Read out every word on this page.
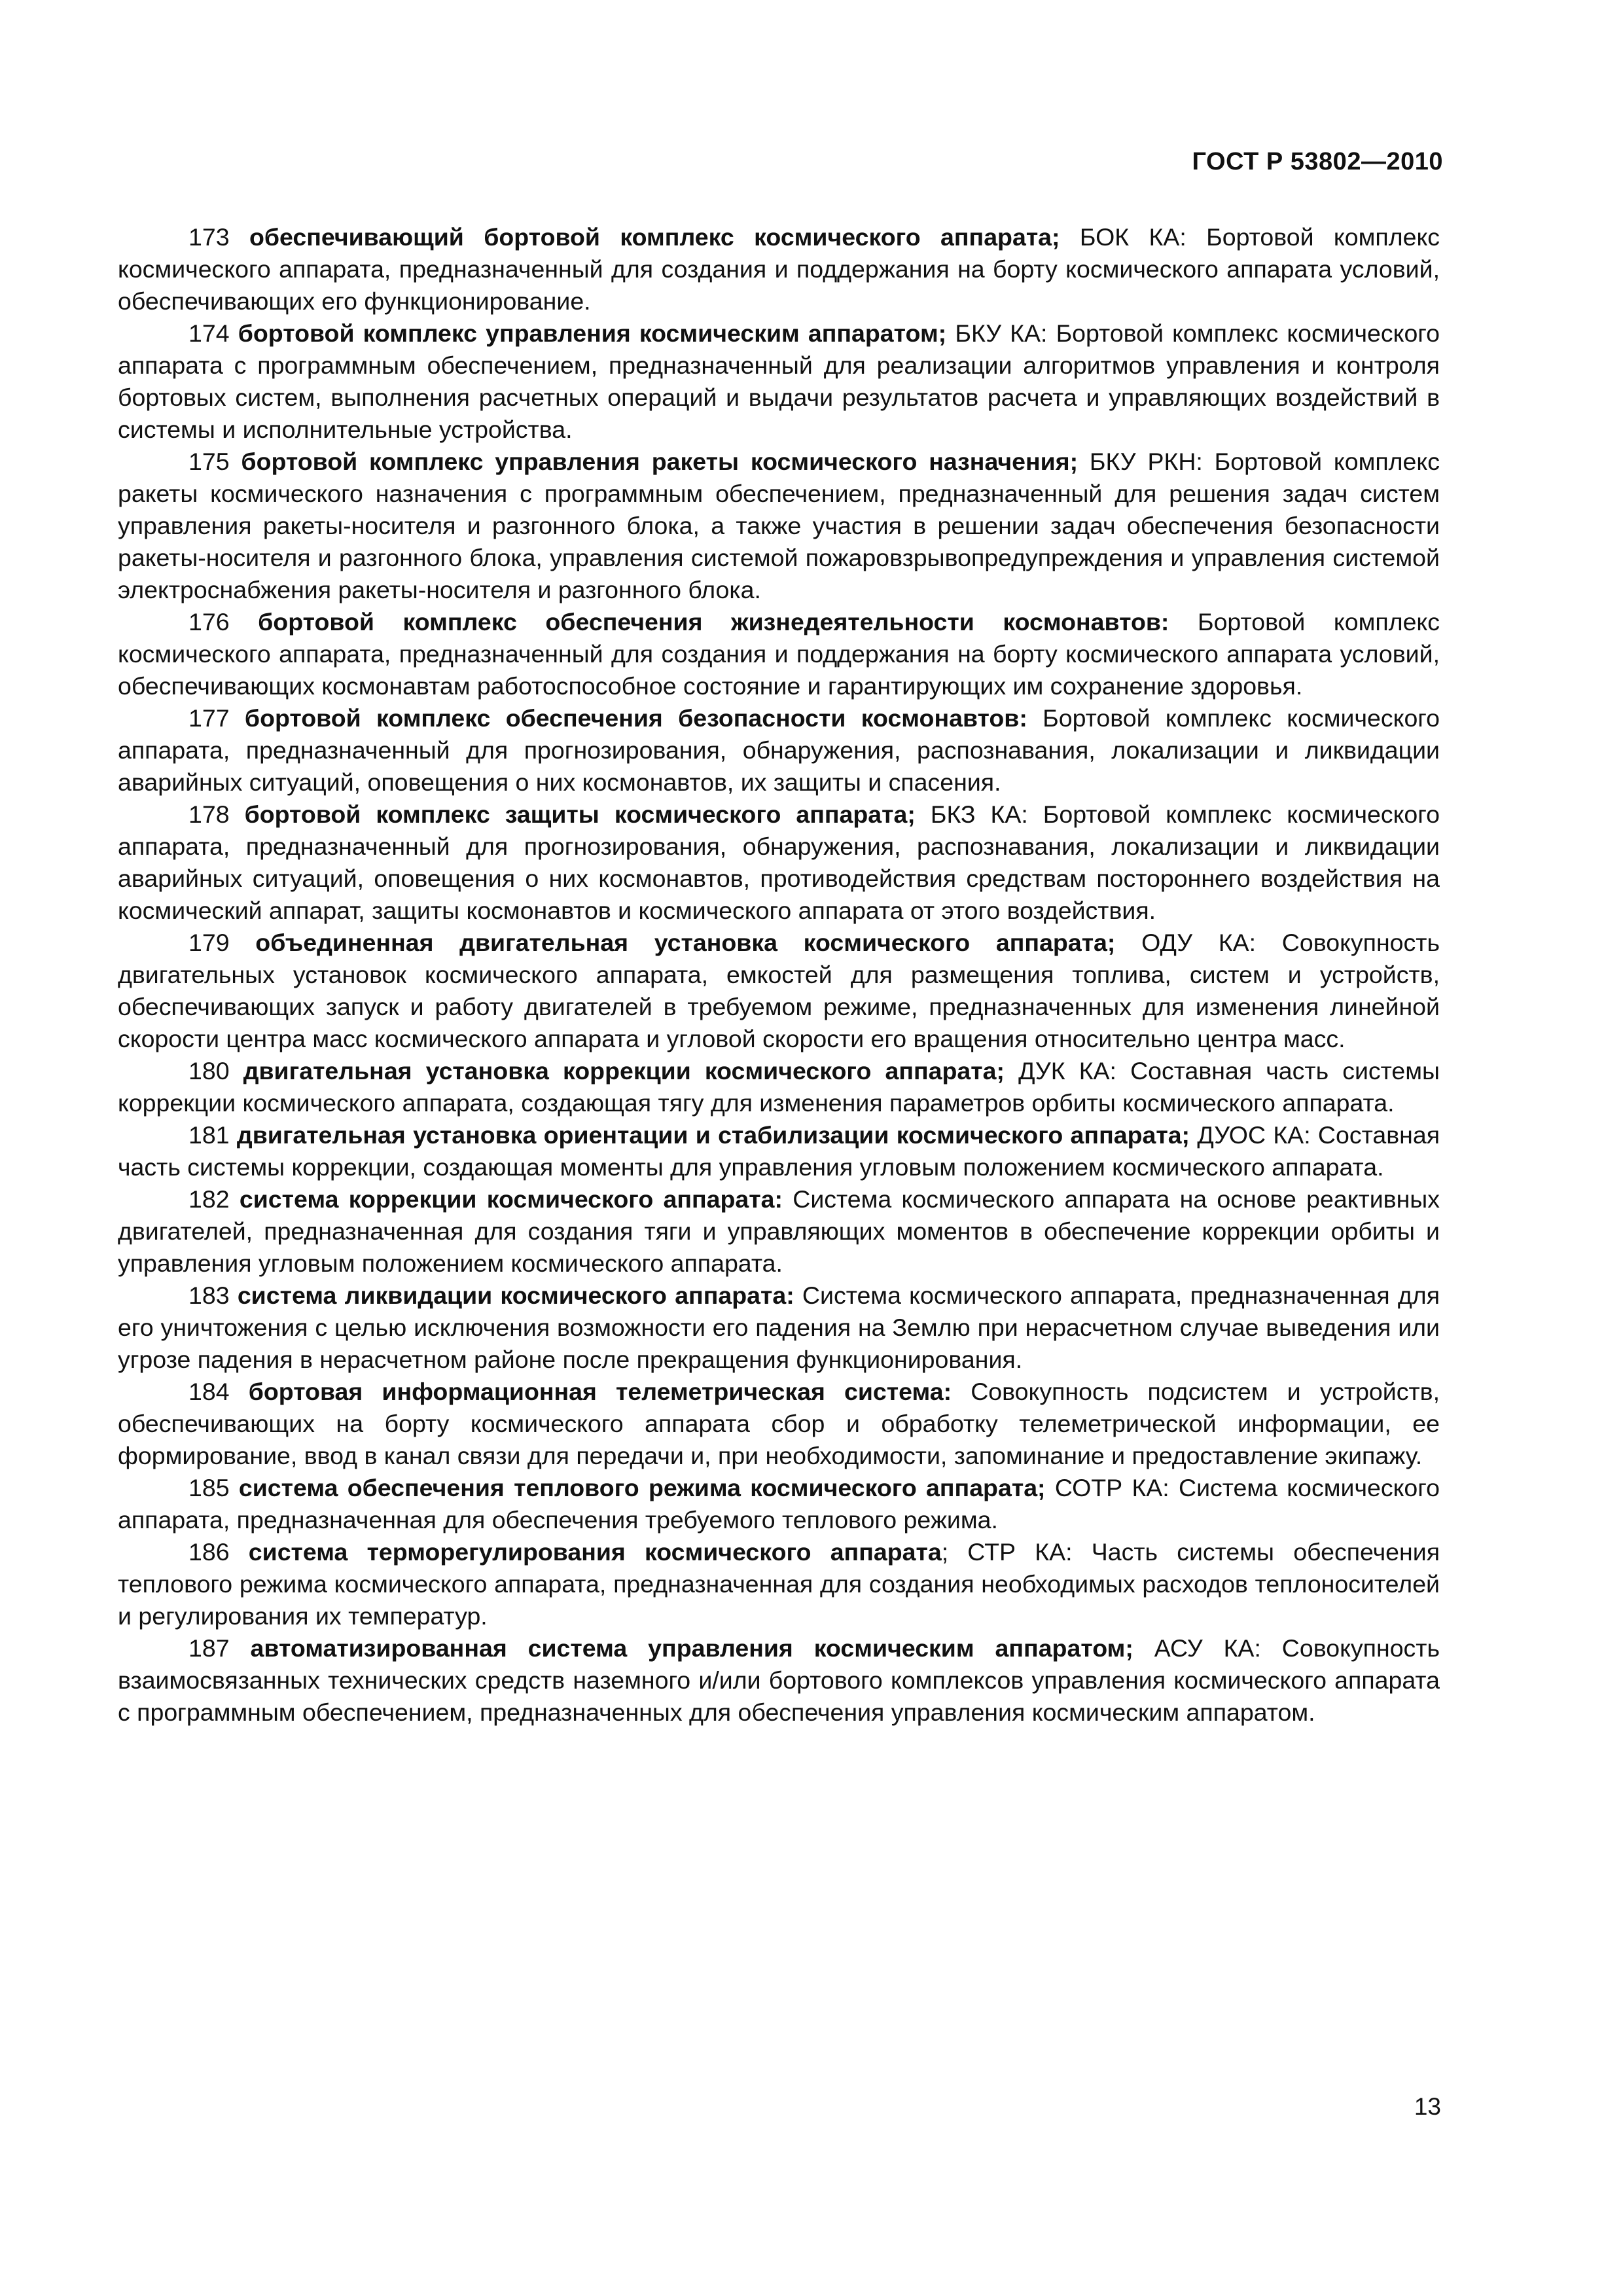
ГОСТ Р 53802—2010

173 обеспечивающий бортовой комплекс космического аппарата; БОК КА: Бортовой комплекс космического аппарата, предназначенный для создания и поддержания на борту космического аппарата условий, обеспечивающих его функционирование.

174 бортовой комплекс управления космическим аппаратом; БКУ КА: Бортовой комплекс космического аппарата с программным обеспечением, предназначенный для реализации алгоритмов управления и контроля бортовых систем, выполнения расчетных операций и выдачи результатов расчета и управляющих воздействий в системы и исполнительные устройства.

175 бортовой комплекс управления ракеты космического назначения; БКУ РКН: Бортовой комплекс ракеты космического назначения с программным обеспечением, предназначенный для решения задач систем управления ракеты-носителя и разгонного блока, а также участия в решении задач обеспечения безопасности ракеты-носителя и разгонного блока, управления системой пожаровзрывопредупреждения и управления системой электроснабжения ракеты-носителя и разгонного блока.

176 бортовой комплекс обеспечения жизнедеятельности космонавтов: Бортовой комплекс космического аппарата, предназначенный для создания и поддержания на борту космического аппарата условий, обеспечивающих космонавтам работоспособное состояние и гарантирующих им сохранение здоровья.

177 бортовой комплекс обеспечения безопасности космонавтов: Бортовой комплекс космического аппарата, предназначенный для прогнозирования, обнаружения, распознавания, локализации и ликвидации аварийных ситуаций, оповещения о них космонавтов, их защиты и спасения.

178 бортовой комплекс защиты космического аппарата; БКЗ КА: Бортовой комплекс космического аппарата, предназначенный для прогнозирования, обнаружения, распознавания, локализации и ликвидации аварийных ситуаций, оповещения о них космонавтов, противодействия средствам постороннего воздействия на космический аппарат, защиты космонавтов и космического аппарата от этого воздействия.

179 объединенная двигательная установка космического аппарата; ОДУ КА: Совокупность двигательных установок космического аппарата, емкостей для размещения топлива, систем и устройств, обеспечивающих запуск и работу двигателей в требуемом режиме, предназначенных для изменения линейной скорости центра масс космического аппарата и угловой скорости его вращения относительно центра масс.

180 двигательная установка коррекции космического аппарата; ДУК КА: Составная часть системы коррекции космического аппарата, создающая тягу для изменения параметров орбиты космического аппарата.

181 двигательная установка ориентации и стабилизации космического аппарата; ДУОС КА: Составная часть системы коррекции, создающая моменты для управления угловым положением космического аппарата.

182 система коррекции космического аппарата: Система космического аппарата на основе реактивных двигателей, предназначенная для создания тяги и управляющих моментов в обеспечение коррекции орбиты и управления угловым положением космического аппарата.

183 система ликвидации космического аппарата: Система космического аппарата, предназначенная для его уничтожения с целью исключения возможности его падения на Землю при нерасчетном случае выведения или угрозе падения в нерасчетном районе после прекращения функционирования.

184 бортовая информационная телеметрическая система: Совокупность подсистем и устройств, обеспечивающих на борту космического аппарата сбор и обработку телеметрической информации, ее формирование, ввод в канал связи для передачи и, при необходимости, запоминание и предоставление экипажу.

185 система обеспечения теплового режима космического аппарата; СОТР КА: Система космического аппарата, предназначенная для обеспечения требуемого теплового режима.

186 система терморегулирования космического аппарата; СТР КА: Часть системы обеспечения теплового режима космического аппарата, предназначенная для создания необходимых расходов теплоносителей и регулирования их температур.

187 автоматизированная система управления космическим аппаратом; АСУ КА: Совокупность взаимосвязанных технических средств наземного и/или бортового комплексов управления космического аппарата с программным обеспечением, предназначенных для обеспечения управления космическим аппаратом.

13
